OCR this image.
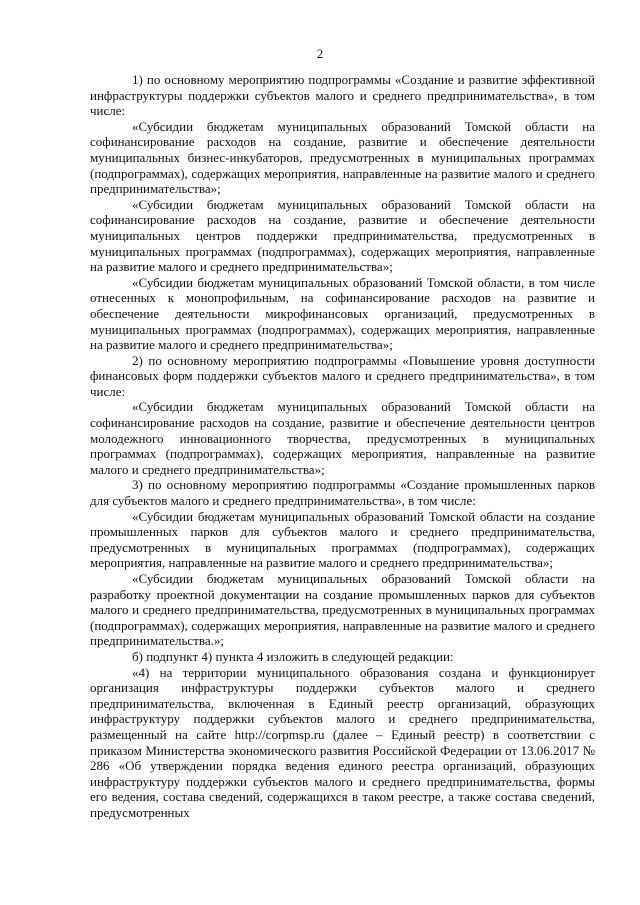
2

1) по основному мероприятию подпрограммы «Создание и развитие эффективной инфраструктуры поддержки субъектов малого и среднего предпринимательства», в том числе:

«Субсидии бюджетам муниципальных образований Томской области на софинансирование расходов на создание, развитие и обеспечение деятельности муниципальных бизнес-инкубаторов, предусмотренных в муниципальных программах (подпрограммах), содержащих мероприятия, направленные на развитие малого и среднего предпринимательства»;

«Субсидии бюджетам муниципальных образований Томской области на софинансирование расходов на создание, развитие и обеспечение деятельности муниципальных центров поддержки предпринимательства, предусмотренных в муниципальных программах (подпрограммах), содержащих мероприятия, направленные на развитие малого и среднего предпринимательства»;

«Субсидии бюджетам муниципальных образований Томской области, в том числе отнесенных к монопрофильным, на софинансирование расходов на развитие и обеспечение деятельности микрофинансовых организаций, предусмотренных в муниципальных программах (подпрограммах), содержащих мероприятия, направленные на развитие малого и среднего предпринимательства»;

2) по основному мероприятию подпрограммы «Повышение уровня доступности финансовых форм поддержки субъектов малого и среднего предпринимательства», в том числе:

«Субсидии бюджетам муниципальных образований Томской области на софинансирование расходов на создание, развитие и обеспечение деятельности центров молодежного инновационного творчества, предусмотренных в муниципальных программах (подпрограммах), содержащих мероприятия, направленные на развитие малого и среднего предпринимательства»;

3) по основному мероприятию подпрограммы «Создание промышленных парков для субъектов малого и среднего предпринимательства», в том числе:

«Субсидии бюджетам муниципальных образований Томской области на создание промышленных парков для субъектов малого и среднего предпринимательства, предусмотренных в муниципальных программах (подпрограммах), содержащих мероприятия, направленные на развитие малого и среднего предпринимательства»;

«Субсидии бюджетам муниципальных образований Томской области на разработку проектной документации на создание промышленных парков для субъектов малого и среднего предпринимательства, предусмотренных в муниципальных программах (подпрограммах), содержащих мероприятия, направленные на развитие малого и среднего предпринимательства.»;

б) подпункт 4) пункта 4 изложить в следующей редакции:

«4) на территории муниципального образования создана и функционирует организация инфраструктуры поддержки субъектов малого и среднего предпринимательства, включенная в Единый реестр организаций, образующих инфраструктуру поддержки субъектов малого и среднего предпринимательства, размещенный на сайте http://corpmsp.ru (далее – Единый реестр) в соответствии с приказом Министерства экономического развития Российской Федерации от 13.06.2017 № 286 «Об утверждении порядка ведения единого реестра организаций, образующих инфраструктуру поддержки субъектов малого и среднего предпринимательства, формы его ведения, состава сведений, содержащихся в таком реестре, а также состава сведений, предусмотренных
